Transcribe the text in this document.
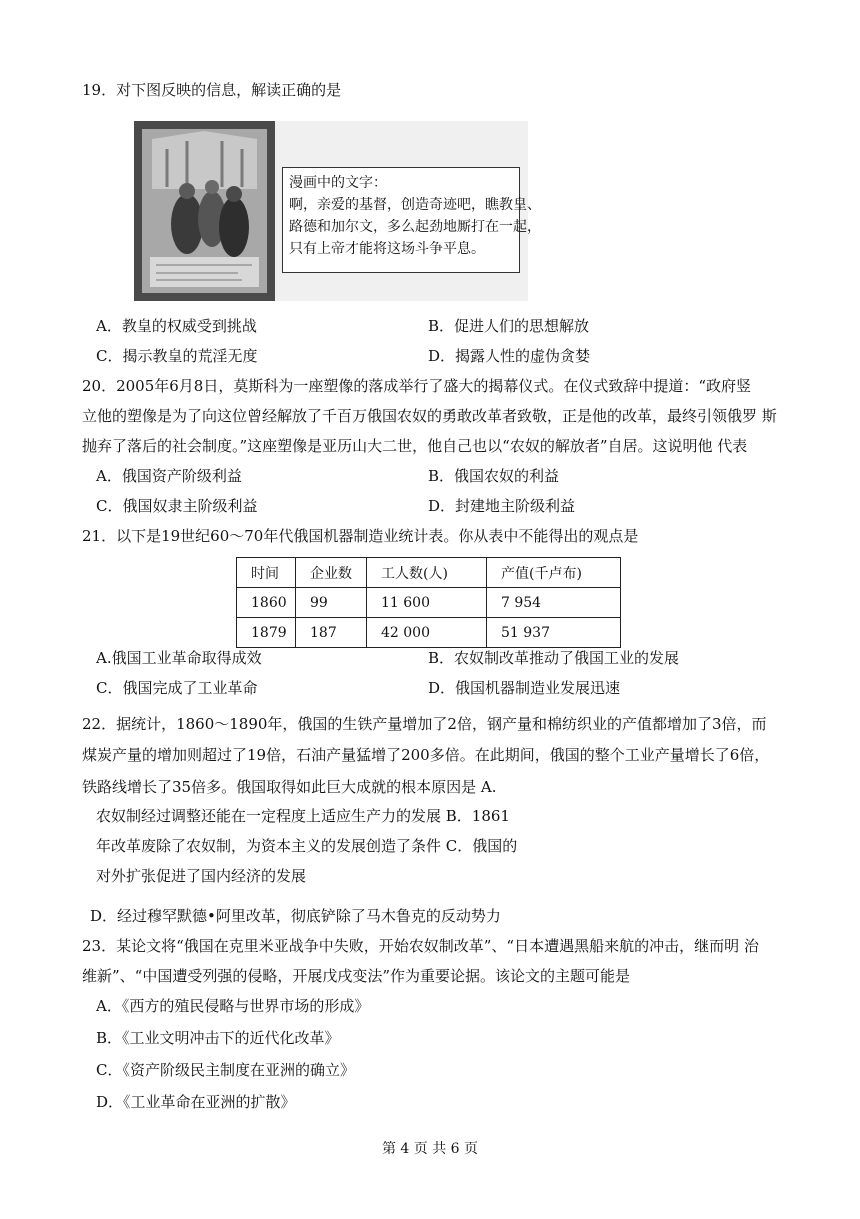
19．对下图反映的信息，解读正确的是
漫画中的文字：
啊，亲爱的基督，创造奇迹吧，瞧教皇、
路德和加尔文，多么起劲地厮打在一起，
只有上帝才能将这场斗争平息。
A．教皇的权威受到挑战	B．促进人们的思想解放
C．揭示教皇的荒淫无度	D．揭露人性的虚伪贪婪
20．2005年6月8日，莫斯科为一座塑像的落成举行了盛大的揭幕仪式。在仪式致辞中提道：“政府竖
立他的塑像是为了向这位曾经解放了千百万俄国农奴的勇敢改革者致敬，正是他的改革，最终引领俄罗 斯
抛弃了落后的社会制度。”这座塑像是亚历山大二世，他自己也以“农奴的解放者”自居。这说明他 代表
A．俄国资产阶级利益	B．俄国农奴的利益
C．俄国奴隶主阶级利益	D．封建地主阶级利益
21．以下是19世纪60～70年代俄国机器制造业统计表。你从表中不能得出的观点是
时间	企业数	工人数(人)	产值(千卢布)
1860	99	11 600	7 954
1879	187	42 000	51 937
A.俄国工业革命取得成效	B．农奴制改革推动了俄国工业的发展
C．俄国完成了工业革命	D．俄国机器制造业发展迅速
22．据统计，1860～1890年，俄国的生铁产量增加了2倍，钢产量和棉纺织业的产值都增加了3倍，而
煤炭产量的增加则超过了19倍，石油产量猛增了200多倍。在此期间，俄国的整个工业产量增长了6倍，
铁路线增长了35倍多。俄国取得如此巨大成就的根本原因是 A.
农奴制经过调整还能在一定程度上适应生产力的发展 B．1861
年改革废除了农奴制，为资本主义的发展创造了条件 C．俄国的
对外扩张促进了国内经济的发展
D．经过穆罕默德•阿里改革，彻底铲除了马木鲁克的反动势力
23．某论文将“俄国在克里米亚战争中失败，开始农奴制改革”、“日本遭遇黑船来航的冲击，继而明 治
维新”、“中国遭受列强的侵略，开展戊戌变法”作为重要论据。该论文的主题可能是
A．《西方的殖民侵略与世界市场的形成》
B．《工业文明冲击下的近代化改革》
C．《资产阶级民主制度在亚洲的确立》
D．《工业革命在亚洲的扩散》
第 4 页 共 6 页
